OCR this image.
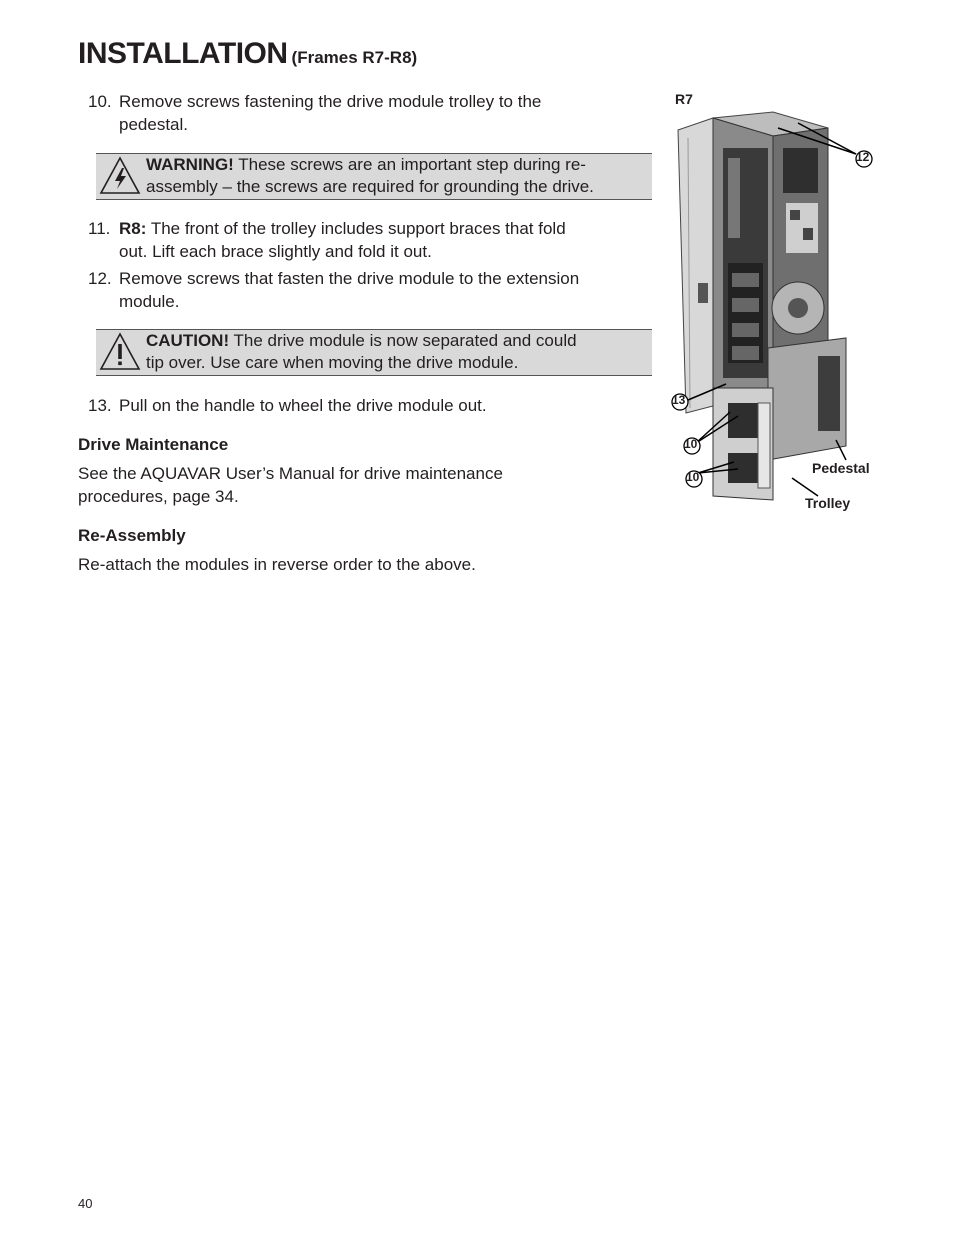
INSTALLATION (Frames R7-R8)
10. Remove screws fastening the drive module trolley to the
pedestal.
WARNING! These screws are an important step during re-
assembly – the screws are required for grounding the drive.
11. R8: The front of the trolley includes support braces that fold
out. Lift each brace slightly and fold it out.
12. Remove screws that fasten the drive module to the extension
module.
CAUTION! The drive module is now separated and could
tip over. Use care when moving the drive module.
13. Pull on the handle to wheel the drive module out.
Drive Maintenance
See the AQUAVAR User’s Manual for drive maintenance
procedures, page 34.
Re-Assembly
Re-attach the modules in reverse order to the above.
R7
12
13
10
10
Pedestal
Trolley
40
